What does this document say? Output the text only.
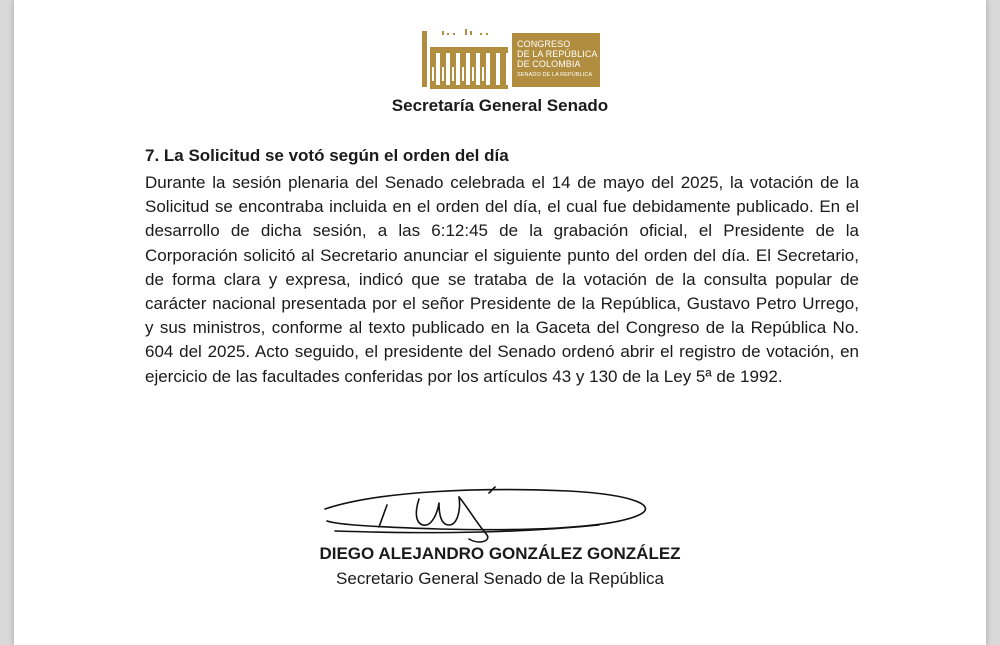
CONGRESO
DE LA REPÚBLICA
DE COLOMBIA
SENADO DE LA REPÚBLICA
Secretaría General Senado
7. La Solicitud se votó según el orden del día

Durante la sesión plenaria del Senado celebrada el 14 de mayo del 2025, la votación de la Solicitud se encontraba incluida en el orden del día, el cual fue debidamente publicado. En el desarrollo de dicha sesión, a las 6:12:45 de la grabación oficial, el Presidente de la Corporación solicitó al Secretario anunciar el siguiente punto del orden del día. El Secretario, de forma clara y expresa, indicó que se trataba de la votación de la consulta popular de carácter nacional presentada por el señor Presidente de la República, Gustavo Petro Urrego, y sus ministros, conforme al texto publicado en la Gaceta del Congreso de la República No. 604 del 2025. Acto seguido, el presidente del Senado ordenó abrir el registro de votación, en ejercicio de las facultades conferidas por los artículos 43 y 130 de la Ley 5ª de 1992.

DIEGO ALEJANDRO GONZÁLEZ GONZÁLEZ

Secretario General Senado de la República
